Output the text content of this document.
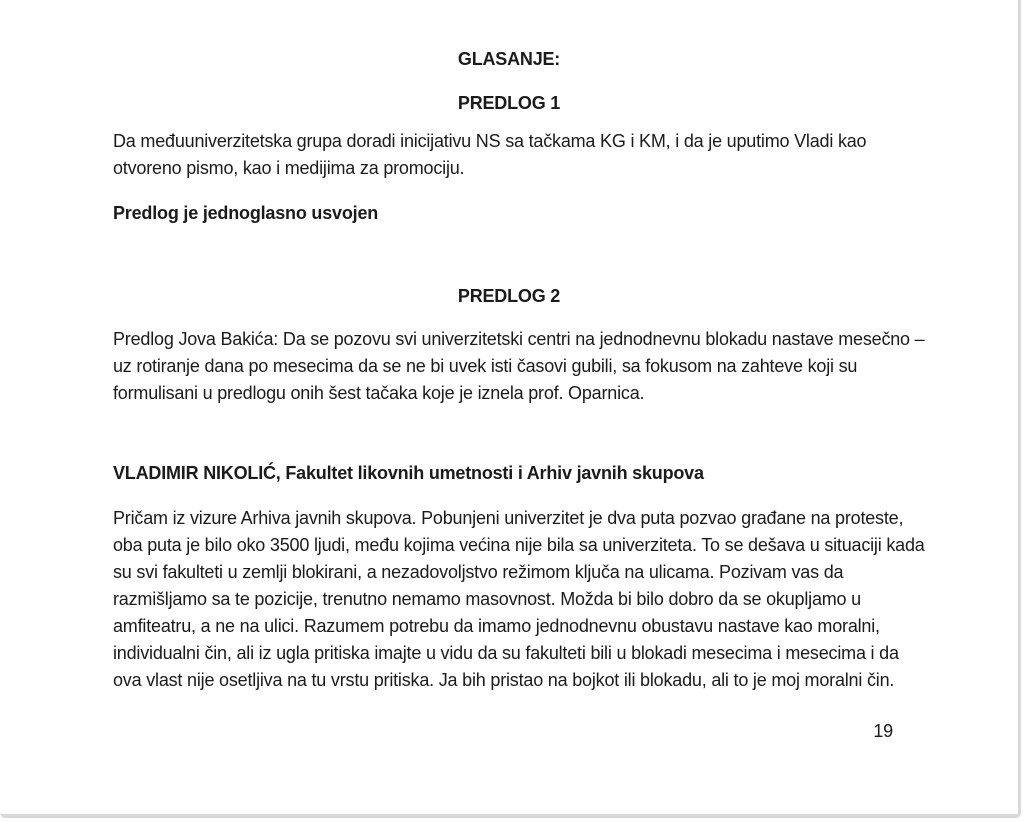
GLASANJE:
PREDLOG 1
Da međuuniverzitetska grupa doradi inicijativu NS sa tačkama KG i KM, i da je uputimo Vladi kao
otvoreno pismo, kao i medijima za promociju.
Predlog je jednoglasno usvojen
PREDLOG 2
Predlog Jova Bakića: Da se pozovu svi univerzitetski centri na jednodnevnu blokadu nastave mesečno –
uz rotiranje dana po mesecima da se ne bi uvek isti časovi gubili, sa fokusom na zahteve koji su
formulisani u predlogu onih šest tačaka koje je iznela prof. Oparnica.
VLADIMIR NIKOLIĆ, Fakultet likovnih umetnosti i Arhiv javnih skupova
Pričam iz vizure Arhiva javnih skupova. Pobunjeni univerzitet je dva puta pozvao građane na proteste,
oba puta je bilo oko 3500 ljudi, među kojima većina nije bila sa univerziteta. To se dešava u situaciji kada
su svi fakulteti u zemlji blokirani, a nezadovoljstvo režimom ključa na ulicama. Pozivam vas da
razmišljamo sa te pozicije, trenutno nemamo masovnost. Možda bi bilo dobro da se okupljamo u
amfiteatru, a ne na ulici. Razumem potrebu da imamo jednodnevnu obustavu nastave kao moralni,
individualni čin, ali iz ugla pritiska imajte u vidu da su fakulteti bili u blokadi mesecima i mesecima i da
ova vlast nije osetljiva na tu vrstu pritiska. Ja bih pristao na bojkot ili blokadu, ali to je moj moralni čin.
19
